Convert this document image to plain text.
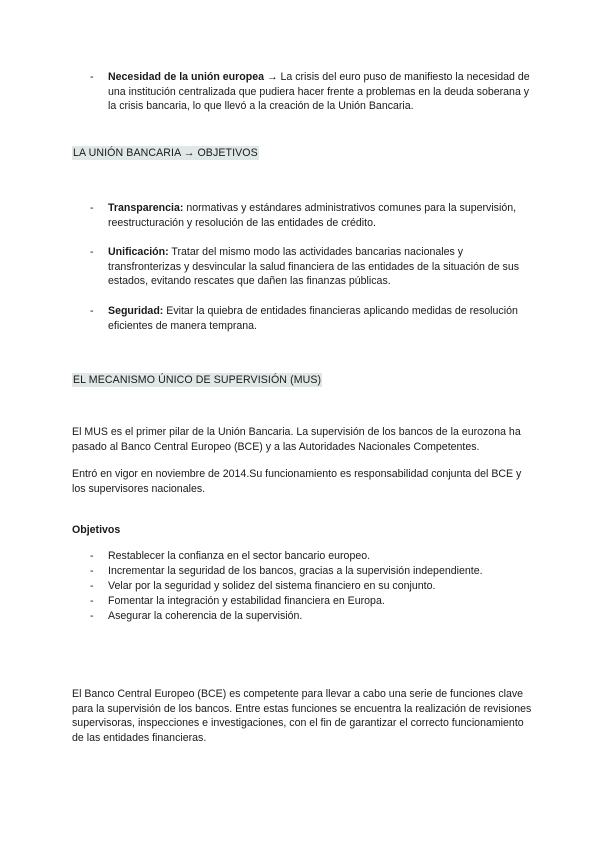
- Necesidad de la unión europea → La crisis del euro puso de manifiesto la necesidad de una institución centralizada que pudiera hacer frente a problemas en la deuda soberana y la crisis bancaria, lo que llevó a la creación de la Unión Bancaria.
LA UNIÓN BANCARIA → OBJETIVOS
- Transparencia: normativas y estándares administrativos comunes para la supervisión, reestructuración y resolución de las entidades de crédito.
- Unificación: Tratar del mismo modo las actividades bancarias nacionales y transfronterizas y desvincular la salud financiera de las entidades de la situación de sus estados, evitando rescates que dañen las finanzas públicas.
- Seguridad: Evitar la quiebra de entidades financieras aplicando medidas de resolución eficientes de manera temprana.
EL MECANISMO ÚNICO DE SUPERVISIÓN (MUS)
El MUS es el primer pilar de la Unión Bancaria. La supervisión de los bancos de la eurozona ha pasado al Banco Central Europeo (BCE) y a las Autoridades Nacionales Competentes.
Entró en vigor en noviembre de 2014.Su funcionamiento es responsabilidad conjunta del BCE y los supervisores nacionales.
Objetivos
- Restablecer la confianza en el sector bancario europeo.
- Incrementar la seguridad de los bancos, gracias a la supervisión independiente.
- Velar por la seguridad y solidez del sistema financiero en su conjunto.
- Fomentar la integración y estabilidad financiera en Europa.
- Asegurar la coherencia de la supervisión.
El Banco Central Europeo (BCE) es competente para llevar a cabo una serie de funciones clave para la supervisión de los bancos. Entre estas funciones se encuentra la realización de revisiones supervisoras, inspecciones e investigaciones, con el fin de garantizar el correcto funcionamiento de las entidades financieras.
